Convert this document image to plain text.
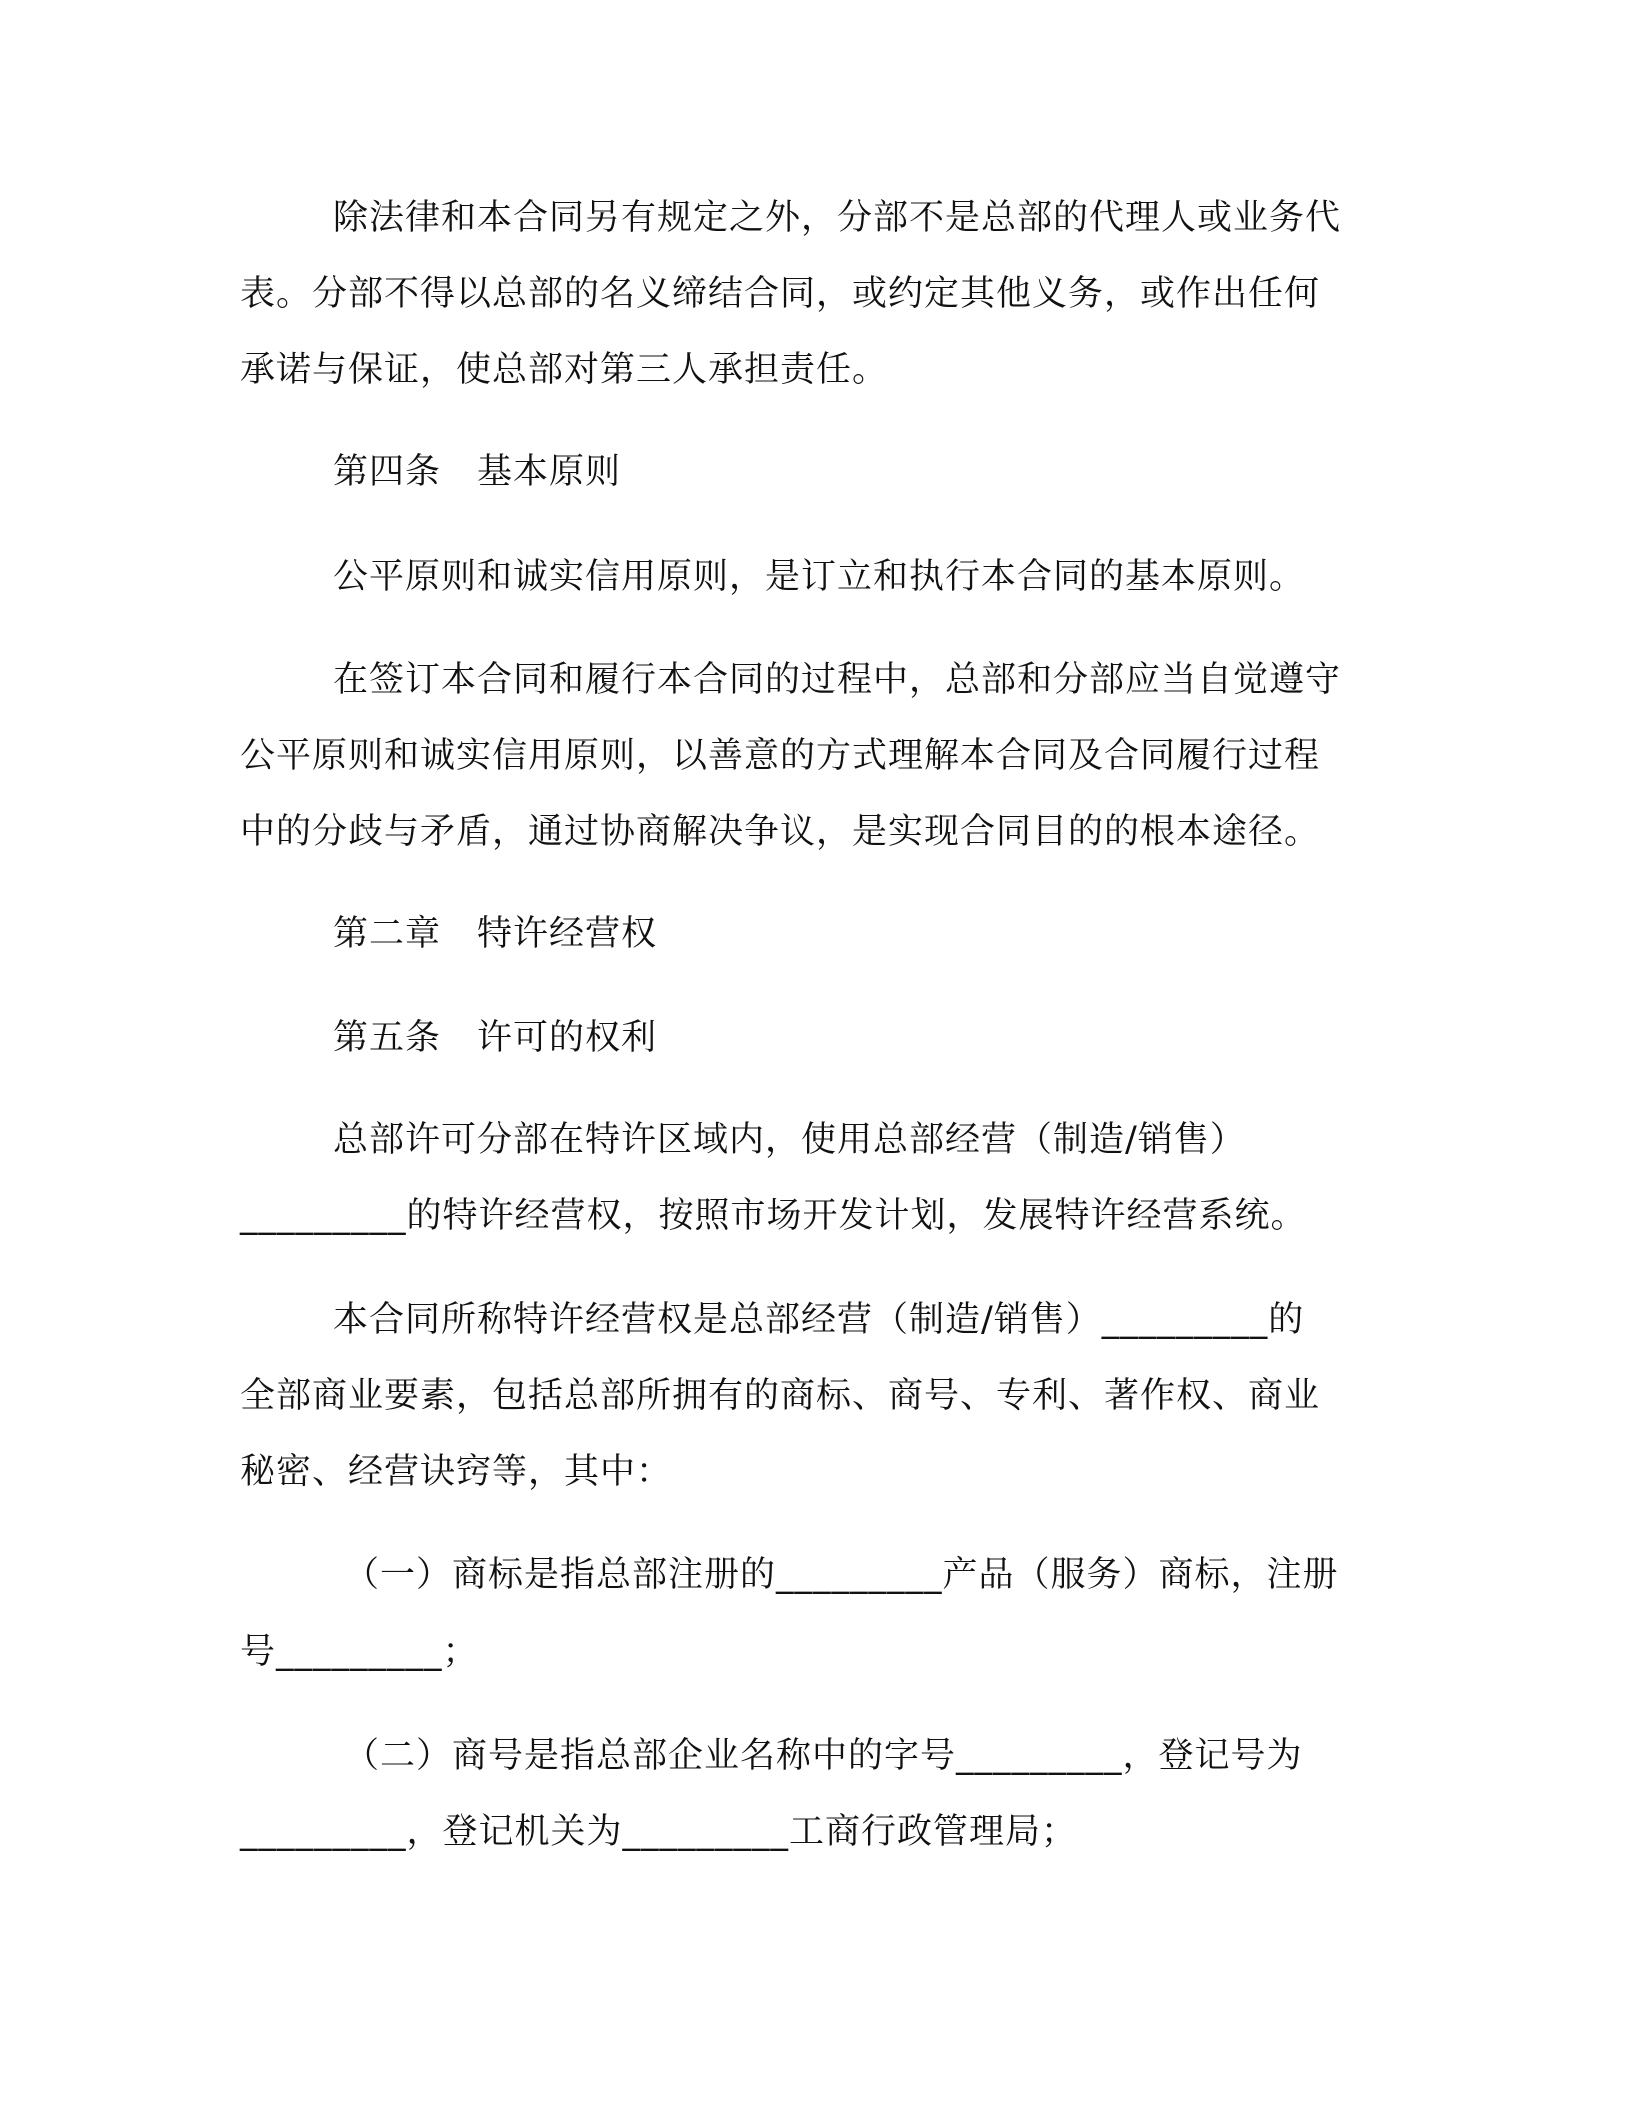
除法律和本合同另有规定之外，分部不是总部的代理人或业务代
表。分部不得以总部的名义缔结合同，或约定其他义务，或作出任何
承诺与保证，使总部对第三人承担责任。
第四条　基本原则
公平原则和诚实信用原则，是订立和执行本合同的基本原则。
在签订本合同和履行本合同的过程中，总部和分部应当自觉遵守
公平原则和诚实信用原则，以善意的方式理解本合同及合同履行过程
中的分歧与矛盾，通过协商解决争议，是实现合同目的的根本途径。
第二章　特许经营权
第五条　许可的权利
总部许可分部在特许区域内，使用总部经营（制造/销售）
_________的特许经营权，按照市场开发计划，发展特许经营系统。
本合同所称特许经营权是总部经营（制造/销售）_________的
全部商业要素，包括总部所拥有的商标、商号、专利、著作权、商业
秘密、经营诀窍等，其中：
（一）商标是指总部注册的_________产品（服务）商标，注册
号_________；
（二）商号是指总部企业名称中的字号_________，登记号为
_________，登记机关为_________工商行政管理局；
